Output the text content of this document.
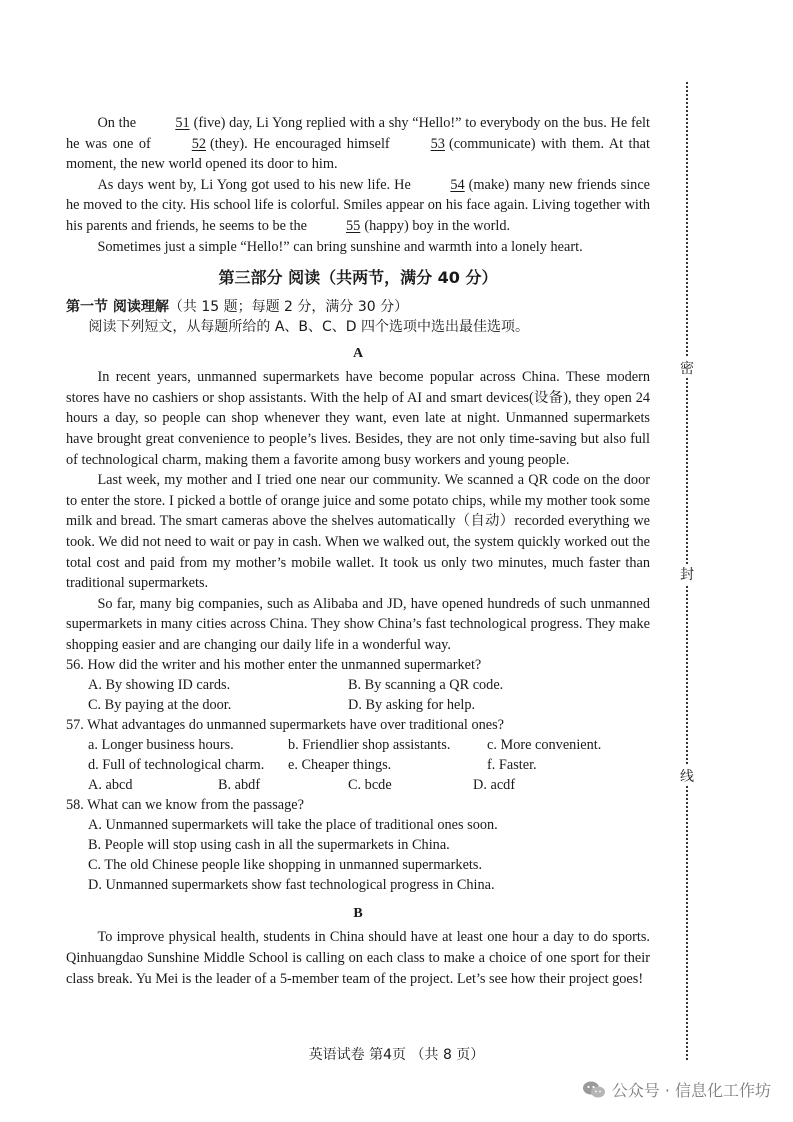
On the 51 (five) day, Li Yong replied with a shy “Hello!” to everybody on the bus. He felt he was one of 52 (they). He encouraged himself 53 (communicate) with them. At that moment, the new world opened its door to him.

As days went by, Li Yong got used to his new life. He 54 (make) many new friends since he moved to the city. His school life is colorful. Smiles appear on his face again. Living together with his parents and friends, he seems to be the 55 (happy) boy in the world.

Sometimes just a simple “Hello!” can bring sunshine and warmth into a lonely heart.

第三部分 阅读（共两节，满分 40 分）
第一节 阅读理解（共 15 题；每题 2 分，满分 30 分）
阅读下列短文，从每题所给的 A、B、C、D 四个选项中选出最佳选项。
A

In recent years, unmanned supermarkets have become popular across China. These modern stores have no cashiers or shop assistants. With the help of AI and smart devices(设备), they open 24 hours a day, so people can shop whenever they want, even late at night. Unmanned supermarkets have brought great convenience to people’s lives. Besides, they are not only time-saving but also full of technological charm, making them a favorite among busy workers and young people.

Last week, my mother and I tried one near our community. We scanned a QR code on the door to enter the store. I picked a bottle of orange juice and some potato chips, while my mother took some milk and bread. The smart cameras above the shelves automatically（自动）recorded everything we took. We did not need to wait or pay in cash. When we walked out, the system quickly worked out the total cost and paid from my mother’s mobile wallet. It took us only two minutes, much faster than traditional supermarkets.

So far, many big companies, such as Alibaba and JD, have opened hundreds of such unmanned supermarkets in many cities across China. They show China’s fast technological progress. They make shopping easier and are changing our daily life in a wonderful way.

56. How did the writer and his mother enter the unmanned supermarket?
A. By showing ID cards.	B. By scanning a QR code.
C. By paying at the door.	D. By asking for help.
57. What advantages do unmanned supermarkets have over traditional ones?
a. Longer business hours.	b. Friendlier shop assistants.	c. More convenient.
d. Full of technological charm.	e. Cheaper things.	f. Faster.
A. abcd	B. abdf	C. bcde	D. acdf
58. What can we know from the passage?
A. Unmanned supermarkets will take the place of traditional ones soon.
B. People will stop using cash in all the supermarkets in China.
C. The old Chinese people like shopping in unmanned supermarkets.
D. Unmanned supermarkets show fast technological progress in China.
B

To improve physical health, students in China should have at least one hour a day to do sports. Qinhuangdao Sunshine Middle School is calling on each class to make a choice of one sport for their class break. Yu Mei is the leader of a 5-member team of the project. Let’s see how their project goes!

英语试卷 第4页 （共 8 页）
密
封
线
公众号 · 信息化工作坊
